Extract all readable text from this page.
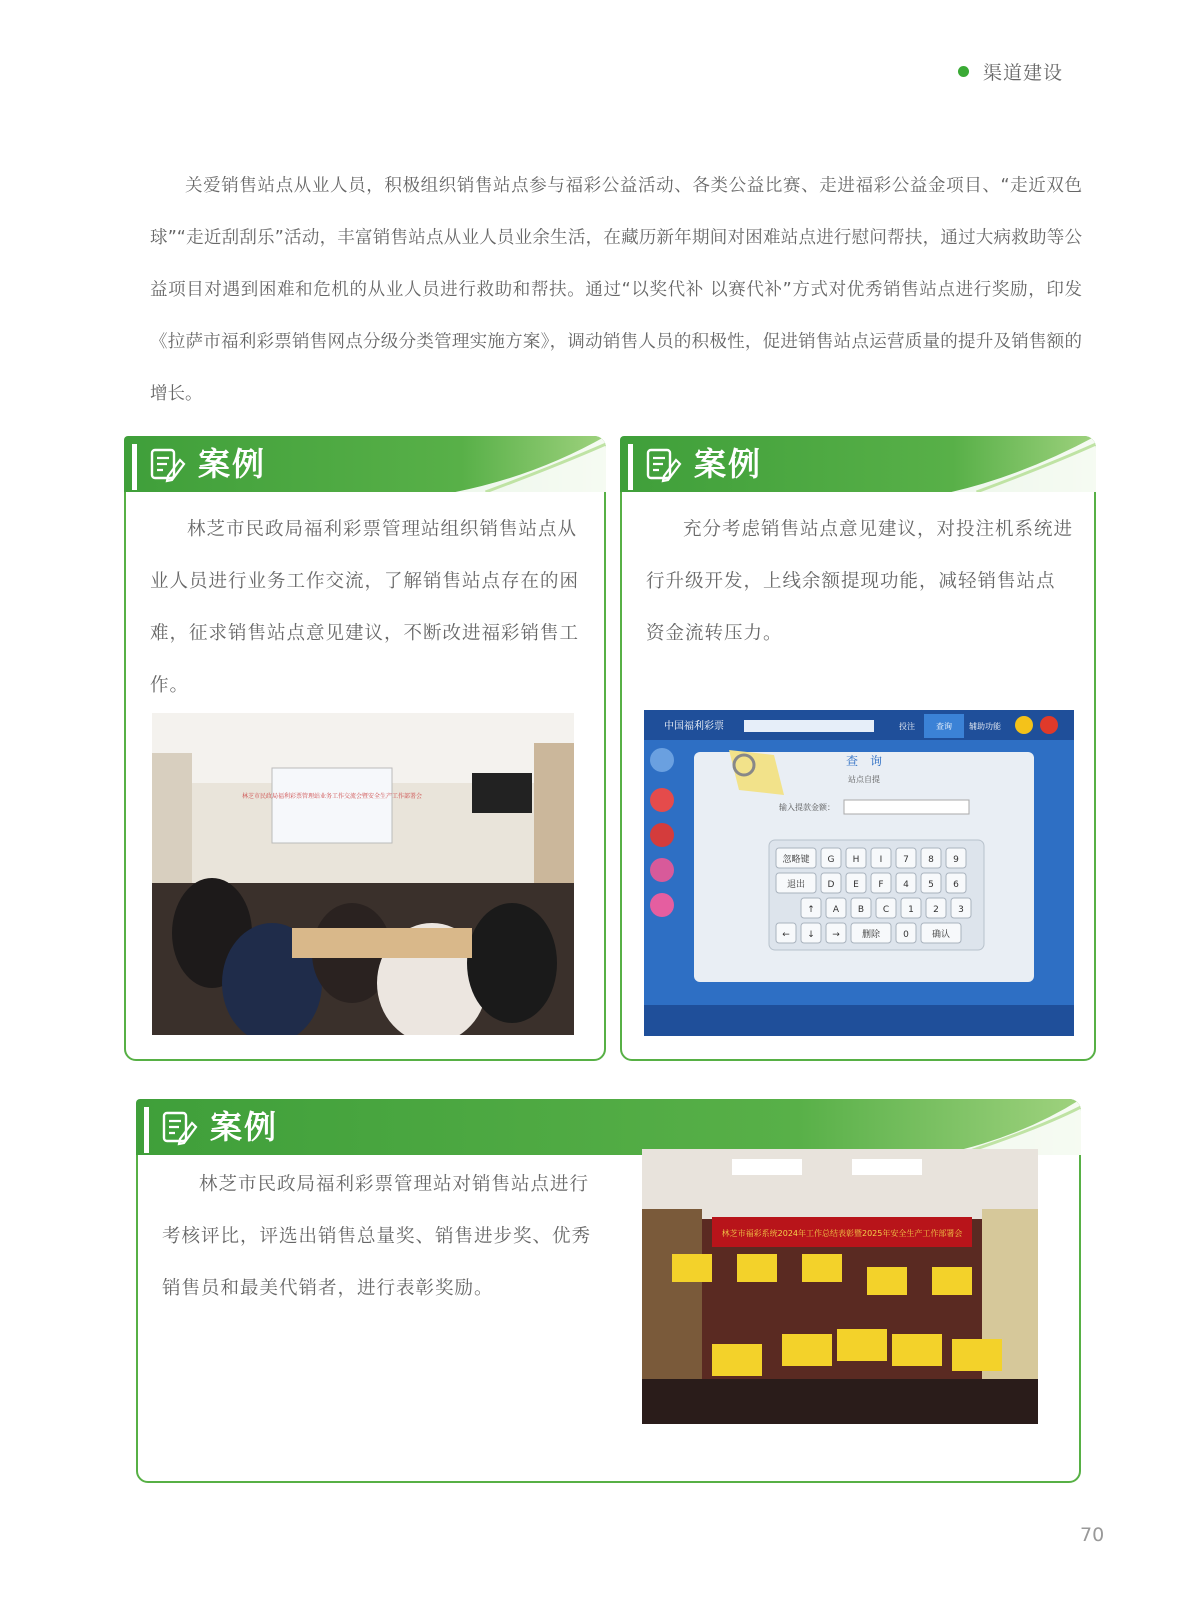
渠道建设

关爱销售站点从业人员，积极组织销售站点参与福彩公益活动、各类公益比赛、走进福彩公益金项目、“走近双色球”“走近刮刮乐”活动，丰富销售站点从业人员业余生活，在藏历新年期间对困难站点进行慰问帮扶，通过大病救助等公益项目对遇到困难和危机的从业人员进行救助和帮扶。通过“以奖代补 以赛代补”方式对优秀销售站点进行奖励，印发《拉萨市福利彩票销售网点分级分类管理实施方案》，调动销售人员的积极性，促进销售站点运营质量的提升及销售额的增长。

案例

林芝市民政局福利彩票管理站组织销售站点从业人员进行业务工作交流，了解销售站点存在的困难，征求销售站点意见建议，不断改进福彩销售工作。

林芝市民政局福利彩票管理站业务工作交流会暨安全生产工作部署会
案例

充分考虑销售站点意见建议，对投注机系统进行升级开发，上线余额提现功能，减轻销售站点资金流转压力。

中国福利彩票	投注	查询 辅助功能
查　询
站点自提
输入提款金额：
忽略键 G H I 7 8 9
退出	D E F 4 5 6
↑ A B C 1 2 3
← ↓ → 删除	0	确认
案例

林芝市民政局福利彩票管理站对销售站点进行考核评比，评选出销售总量奖、销售进步奖、优秀销售员和最美代销者，进行表彰奖励。

林芝市福彩系统2024年工作总结表彰暨2025年安全生产工作部署会
70
